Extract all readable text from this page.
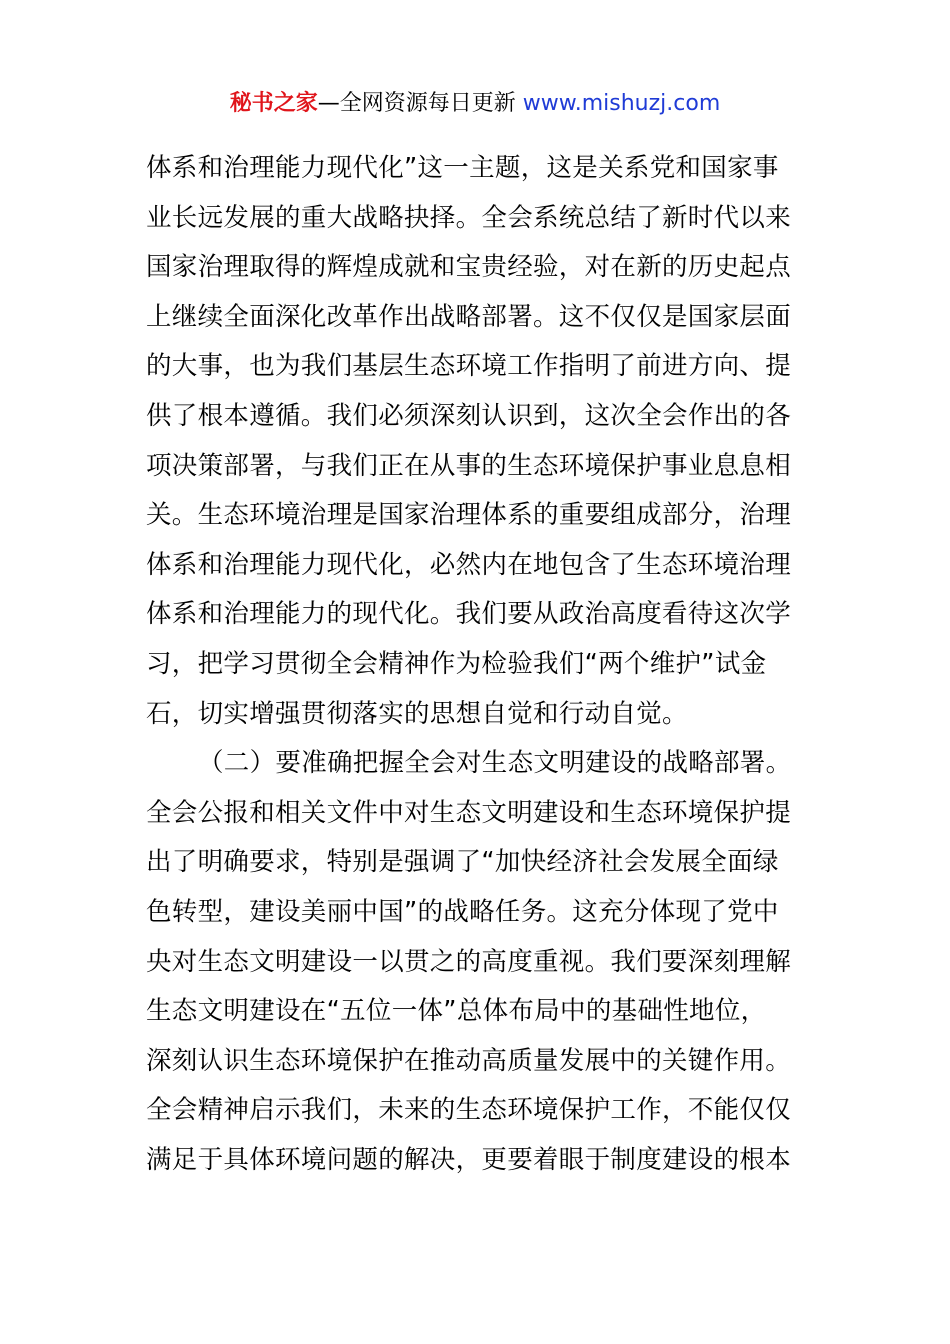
秘书之家—全网资源每日更新 www.mishuzj.com
体系和治理能力现代化”这一主题，这是关系党和国家事
业长远发展的重大战略抉择。全会系统总结了新时代以来
国家治理取得的辉煌成就和宝贵经验，对在新的历史起点
上继续全面深化改革作出战略部署。这不仅仅是国家层面
的大事，也为我们基层生态环境工作指明了前进方向、提
供了根本遵循。我们必须深刻认识到，这次全会作出的各
项决策部署，与我们正在从事的生态环境保护事业息息相
关。生态环境治理是国家治理体系的重要组成部分，治理
体系和治理能力现代化，必然内在地包含了生态环境治理
体系和治理能力的现代化。我们要从政治高度看待这次学
习，把学习贯彻全会精神作为检验我们“两个维护”试金
石，切实增强贯彻落实的思想自觉和行动自觉。
（二）要准确把握全会对生态文明建设的战略部署。
全会公报和相关文件中对生态文明建设和生态环境保护提
出了明确要求，特别是强调了“加快经济社会发展全面绿
色转型，建设美丽中国”的战略任务。这充分体现了党中
央对生态文明建设一以贯之的高度重视。我们要深刻理解
生态文明建设在“五位一体”总体布局中的基础性地位，
深刻认识生态环境保护在推动高质量发展中的关键作用。
全会精神启示我们，未来的生态环境保护工作，不能仅仅
满足于具体环境问题的解决，更要着眼于制度建设的根本
